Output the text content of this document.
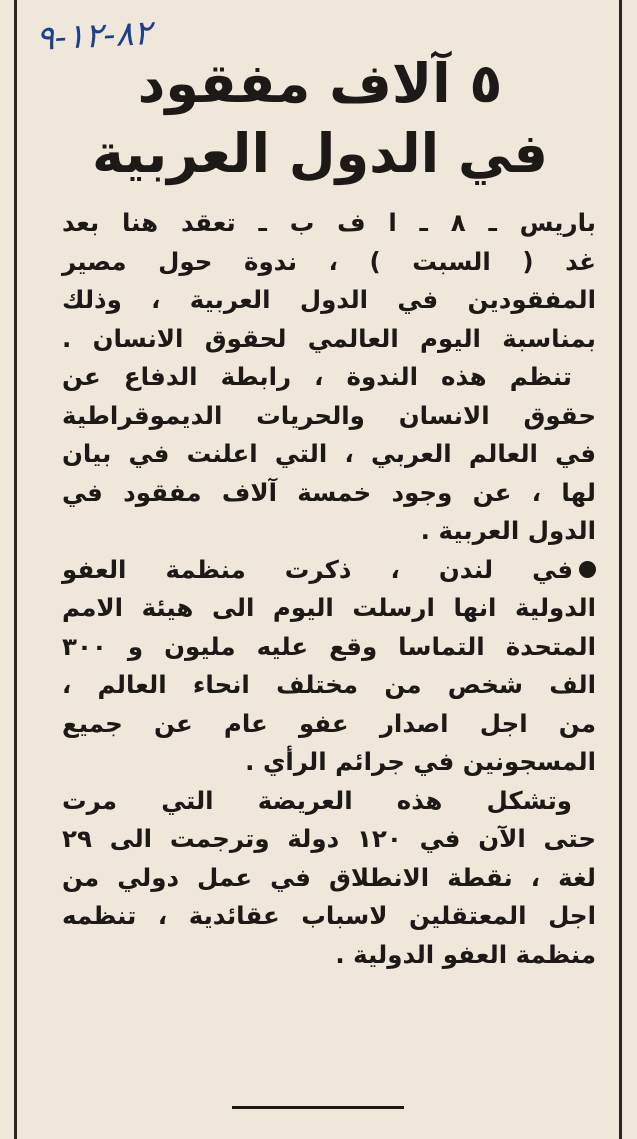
٨٢-١٢-٩
٥ آلاف مفقود
في الدول العربية
باريس ـ ٨ ـ ا ف ب ـ تعقد هنا بعد
غد ( السبت ) ، ندوة حول مصير
المفقودين في الدول العربية ، وذلك
بمناسبة اليوم العالمي لحقوق الانسان .
تنظم هذه الندوة ، رابطة الدفاع عن
حقوق الانسان والحريات الديموقراطية
في العالم العربي ، التي اعلنت في بيان
لها ، عن وجود خمسة آلاف مفقود في
الدول العربية .
في لندن ، ذكرت منظمة العفو
الدولية انها ارسلت اليوم الى هيئة الامم
المتحدة التماسا وقع عليه مليون و ٣٠٠
الف شخص من مختلف انحاء العالم ،
من اجل اصدار عفو عام عن جميع
المسجونين في جرائم الرأي .
وتشكل هذه العريضة التي مرت
حتى الآن في ١٢٠ دولة وترجمت الى ٢٩
لغة ، نقطة الانطلاق في عمل دولي من
اجل المعتقلين لاسباب عقائدية ، تنظمه
منظمة العفو الدولية .
